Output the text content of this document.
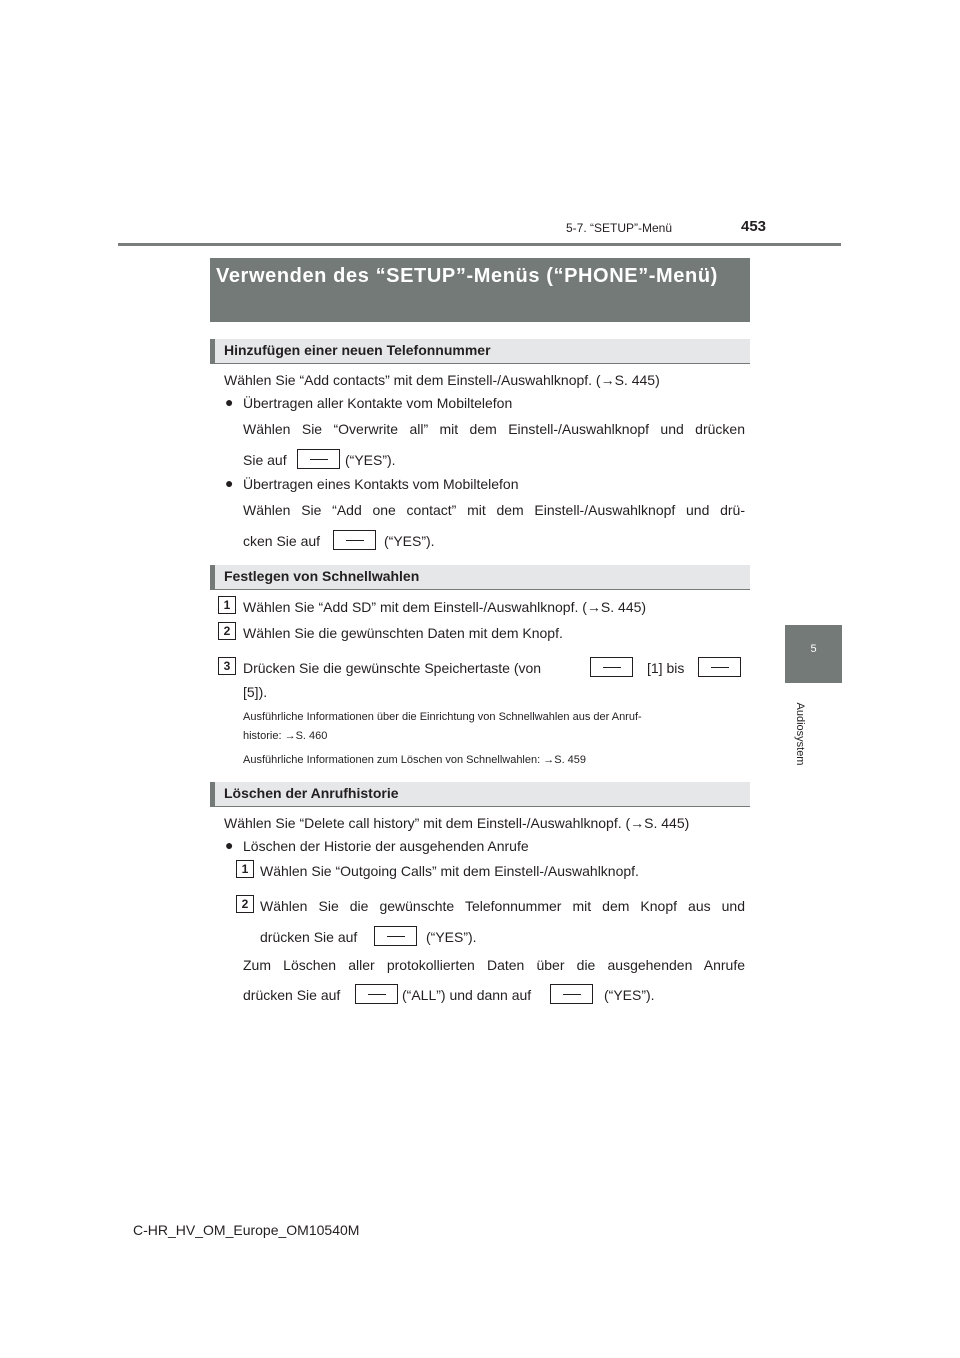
5-7. “SETUP”-Menü	453
5
Audiosystem
Verwenden des “SETUP”-Menüs (“PHONE”-Menü)
Hinzufügen einer neuen Telefonnummer
Wählen Sie “Add contacts” mit dem Einstell-/Auswahlknopf. (→S. 445)
● Übertragen aller Kontakte vom Mobiltelefon
Wählen Sie “Overwrite all” mit dem Einstell-/Auswahlknopf und drücken
Sie auf	(“YES”).
● Übertragen eines Kontakts vom Mobiltelefon
Wählen Sie “Add one contact” mit dem Einstell-/Auswahlknopf und drü-
cken Sie auf	(“YES”).
Festlegen von Schnellwahlen
1 Wählen Sie “Add SD” mit dem Einstell-/Auswahlknopf. (→S. 445)
2 Wählen Sie die gewünschten Daten mit dem Knopf.
3 Drücken Sie die gewünschte Speichertaste (von	[1] bis
[5]).
Ausführliche Informationen über die Einrichtung von Schnellwahlen aus der Anruf-
historie: →S. 460
Ausführliche Informationen zum Löschen von Schnellwahlen: →S. 459
Löschen der Anrufhistorie
Wählen Sie “Delete call history” mit dem Einstell-/Auswahlknopf. (→S. 445)
● Löschen der Historie der ausgehenden Anrufe
1 Wählen Sie “Outgoing Calls” mit dem Einstell-/Auswahlknopf.
2 Wählen Sie die gewünschte Telefonnummer mit dem Knopf aus und
drücken Sie auf	(“YES”).
Zum Löschen aller protokollierten Daten über die ausgehenden Anrufe
drücken Sie auf	(“ALL”) und dann auf	(“YES”).
C-HR_HV_OM_Europe_OM10540M
